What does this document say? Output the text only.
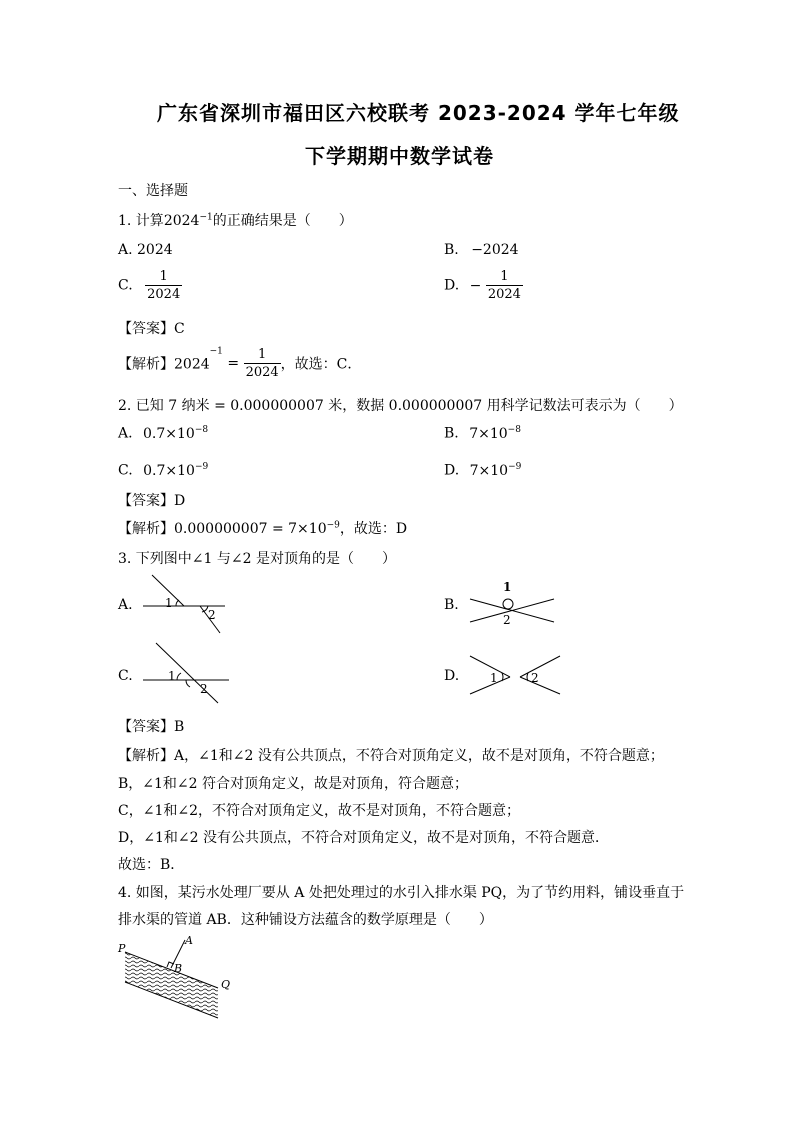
广东省深圳市福田区六校联考 2023-2024 学年七年级
下学期期中数学试卷
一、选择题
1. 计算$2024^{-1}$的正确结果是（　　）
A. 2024	B. −2024
C. $\frac{1}{2024}$	D. − $\frac{1}{2024}$
【答案】C
【解析】$2024^{-1} = \frac{1}{2024}$ ，故选：C．
2. 已知 7 纳米 = 0.000000007 米，数据 0.000000007 用科学记数法可表示为（　　）
A. $0.7\times 10^{-8}$	B. $7\times 10^{-8}$
C. $0.7\times 10^{-9}$	D. $7\times 10^{-9}$
【答案】D
【解析】$0.000000007 = 7\times 10^{-9}$，故选：D
3. 下列图中∠1 与∠2 是对顶角的是（　　）
A.	1
2
B.
1
2
C.	1
2
D.	1	2
【答案】B
【解析】A，∠1和∠2 没有公共顶点，不符合对顶角定义，故不是对顶角，不符合题意；
B，∠1和∠2 符合对顶角定义，故是对顶角，符合题意；
C，∠1和∠2，不符合对顶角定义，故不是对顶角，不符合题意；
D，∠1和∠2 没有公共顶点，不符合对顶角定义，故不是对顶角，不符合题意．
故选：B．
4. 如图，某污水处理厂要从 A 处把处理过的水引入排水渠 PQ，为了节约用料，铺设垂直于
排水渠的管道 AB．这种铺设方法蕴含的数学原理是（　　）
P
A
B
Q
